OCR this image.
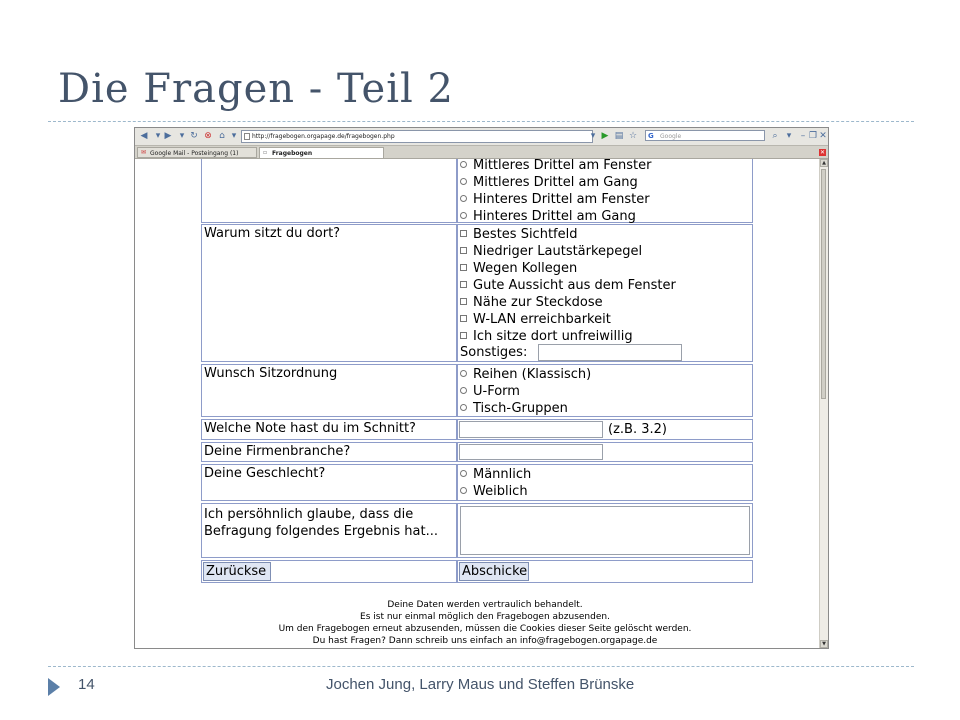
Die Fragen - Teil 2
14	Jochen Jung, Larry Maus und Steffen Brünske
◀ ▾ ▶ ▾ ↻ ⊗ ⌂ ▾	http://fragebogen.orgapage.de/fragebogen.php	▾ ▶ ▤ ☆ G Google	⌕	▾	– ❐ ✕
✉ Google Mail - Posteingang (1)	▫ Fragebogen	✕
Mittleres Drittel am Fenster
Mittleres Drittel am Gang
Hinteres Drittel am Fenster
Hinteres Drittel am Gang
Warum sitzt du dort?	Bestes Sichtfeld
Niedriger Lautstärkepegel
Wegen Kollegen
Gute Aussicht aus dem Fenster
Nähe zur Steckdose
W-LAN erreichbarkeit
Ich sitze dort unfreiwillig
Sonstiges:
Wunsch Sitzordnung	Reihen (Klassisch)
U-Form
Tisch-Gruppen
Welche Note hast du im Schnitt?	(z.B. 3.2)
Deine Firmenbranche?
Deine Geschlecht?	Männlich
Weiblich
Ich persöhnlich glaube, dass die
Befragung folgendes Ergebnis hat...
Zurückse	Abschicke
Deine Daten werden vertraulich behandelt.
Es ist nur einmal möglich den Fragebogen abzusenden.
Um den Fragebogen erneut abzusenden, müssen die Cookies dieser Seite gelöscht werden.
Du hast Fragen? Dann schreib uns einfach an info@fragebogen.orgapage.de
▲
▼
